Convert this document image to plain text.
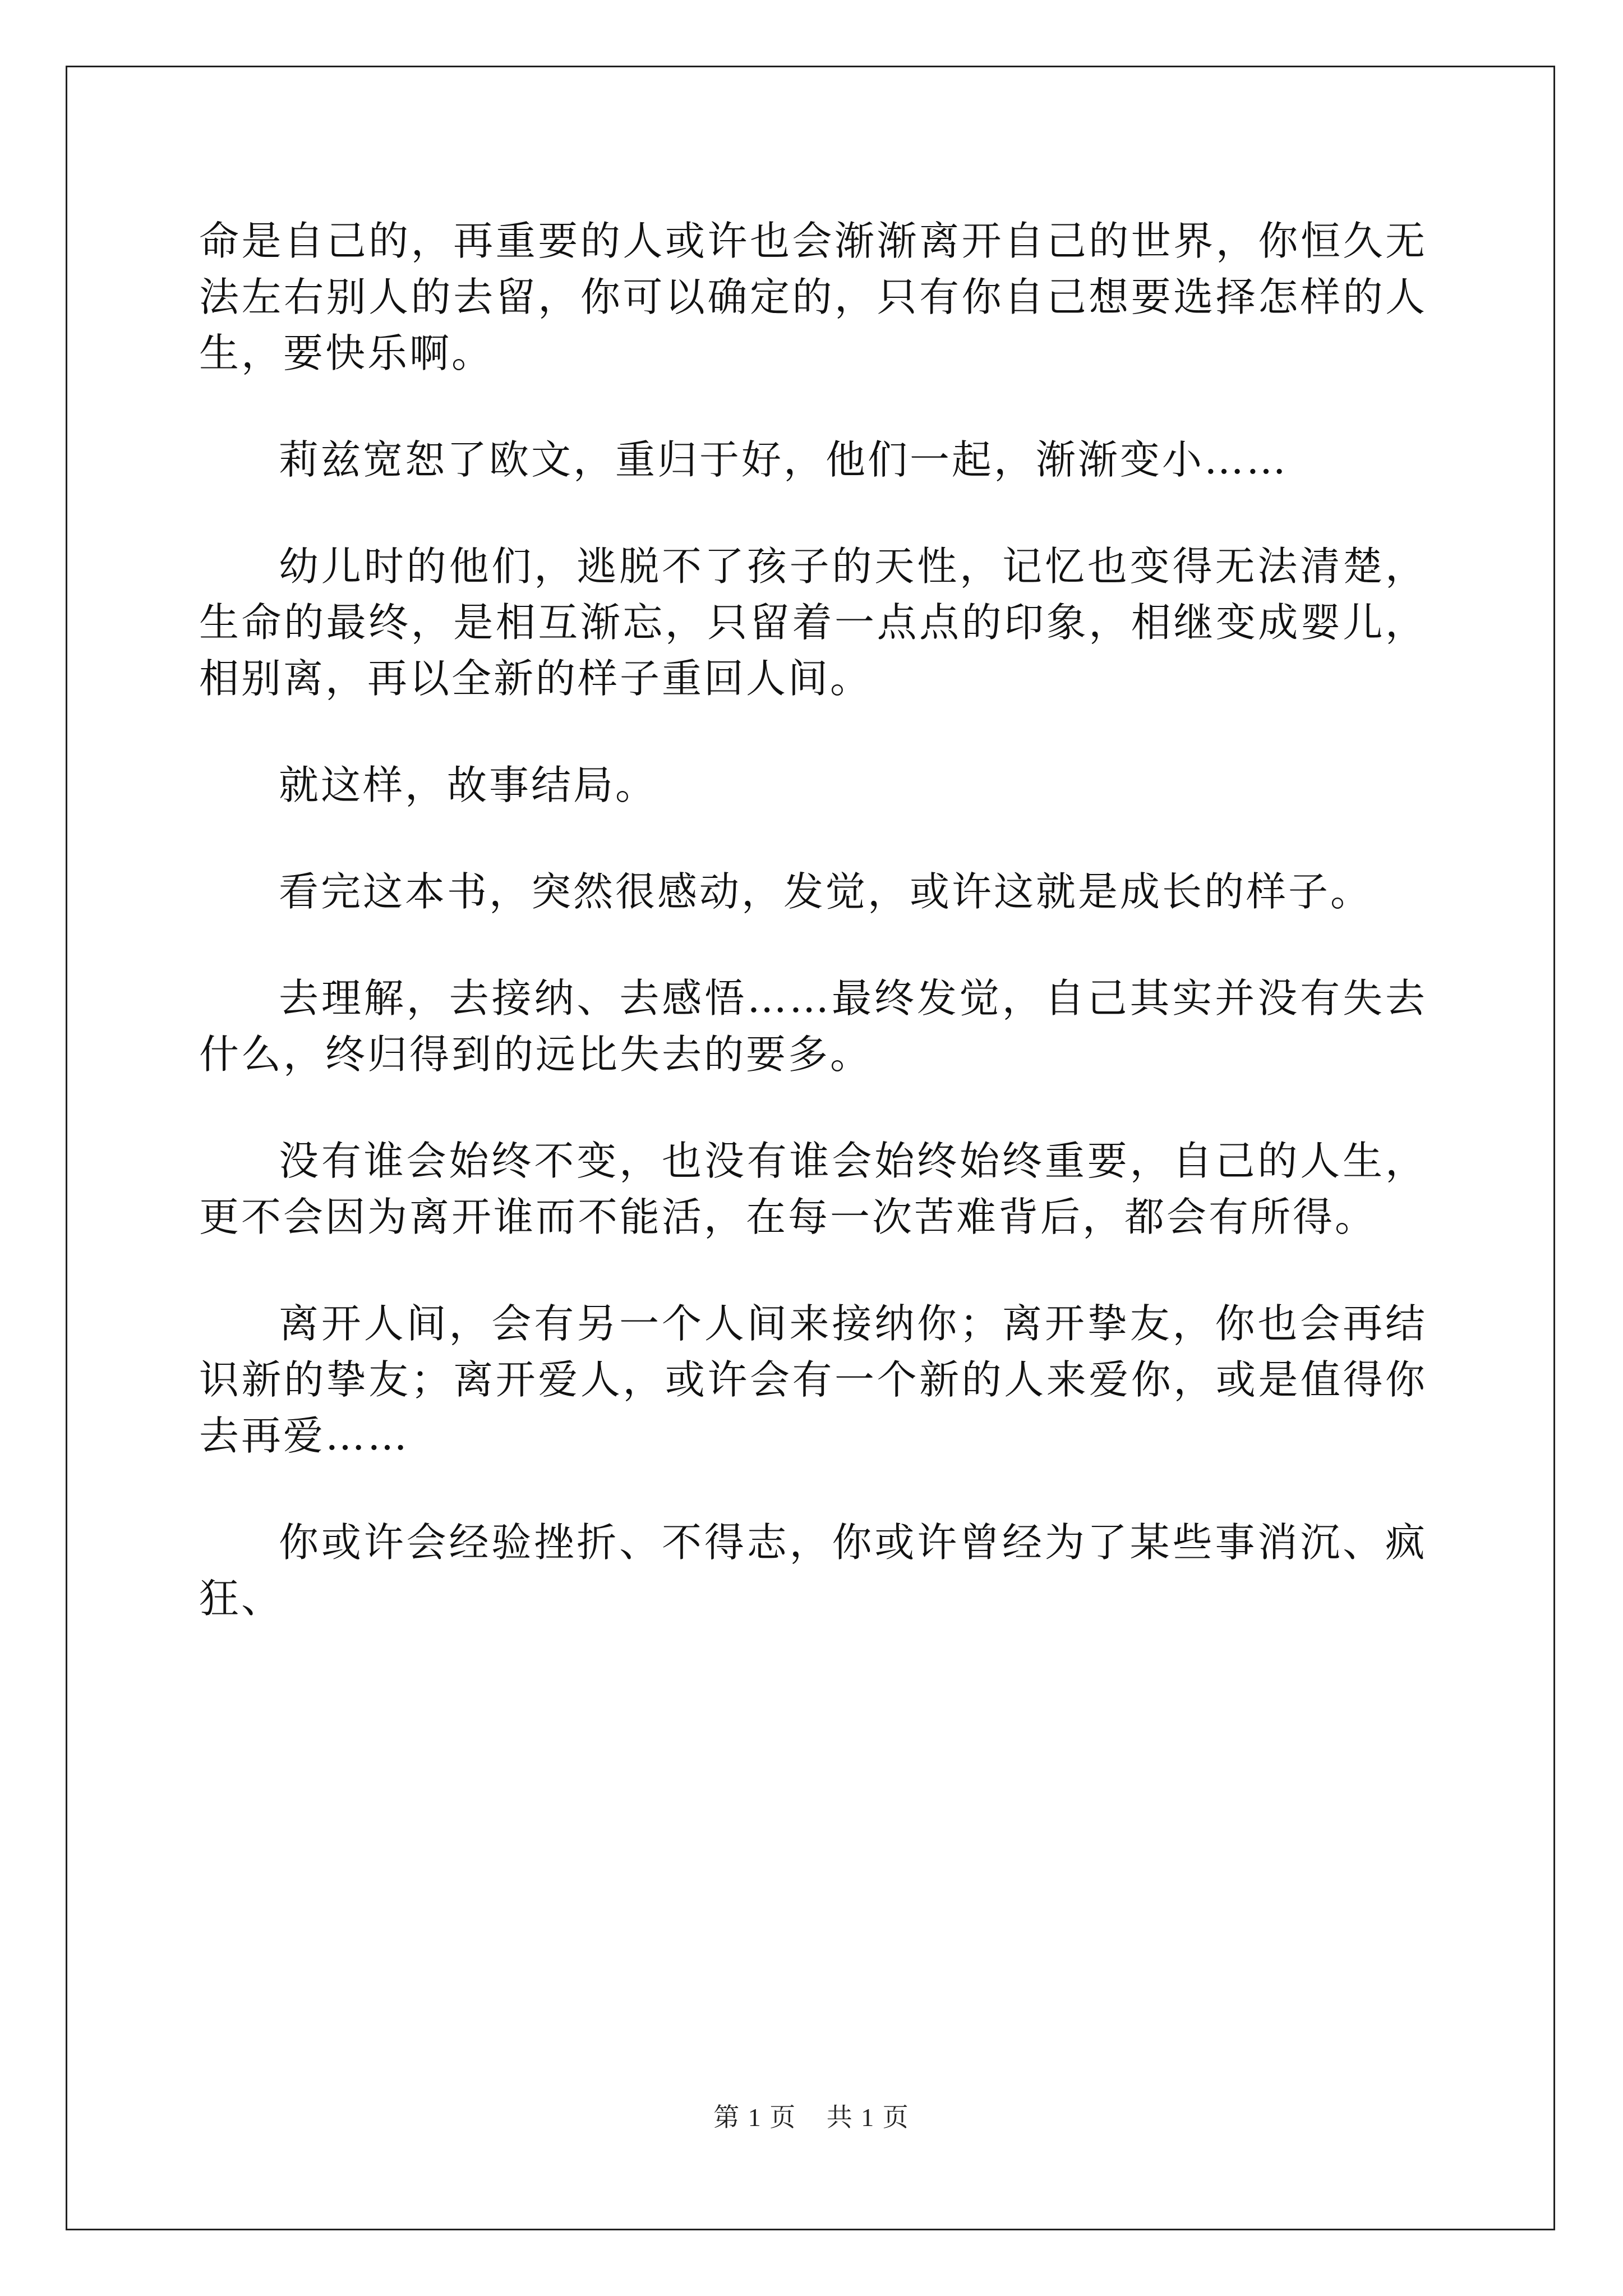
命是自己的，再重要的人或许也会渐渐离开自己的世界，你恒久无法左右别人的去留，你可以确定的，只有你自己想要选择怎样的人生，要快乐啊。

莉兹宽恕了欧文，重归于好，他们一起，渐渐变小……

幼儿时的他们，逃脱不了孩子的天性，记忆也变得无法清楚，生命的最终，是相互渐忘，只留着一点点的印象，相继变成婴儿，相别离，再以全新的样子重回人间。

就这样，故事结局。

看完这本书，突然很感动，发觉，或许这就是成长的样子。

去理解，去接纳、去感悟……最终发觉，自己其实并没有失去什么，终归得到的远比失去的要多。

没有谁会始终不变，也没有谁会始终始终重要，自己的人生，更不会因为离开谁而不能活，在每一次苦难背后，都会有所得。

离开人间，会有另一个人间来接纳你；离开挚友，你也会再结识新的挚友；离开爱人，或许会有一个新的人来爱你，或是值得你去再爱……

你或许会经验挫折、不得志，你或许曾经为了某些事消沉、疯狂、

第 1 页 共 1 页
